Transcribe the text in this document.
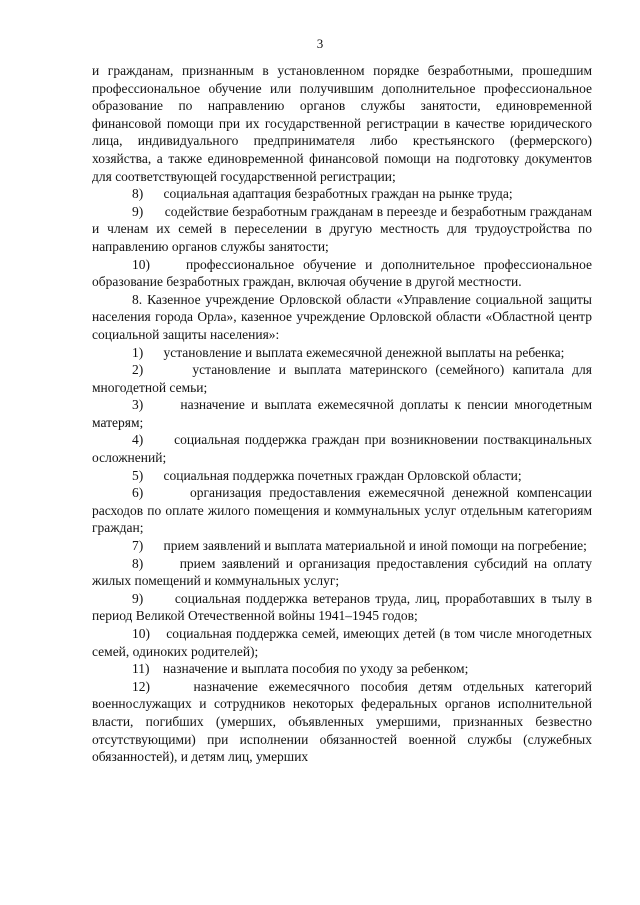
3

и гражданам, признанным в установленном порядке безработными, прошедшим профессиональное обучение или получившим дополнительное профессиональное образование по направлению органов службы занятости, единовременной финансовой помощи при их государственной регистрации в качестве юридического лица, индивидуального предпринимателя либо крестьянского (фермерского) хозяйства, а также единовременной финансовой помощи на подготовку документов для соответствующей государственной регистрации;

8)      социальная адаптация безработных граждан на рынке труда;

9)      содействие безработным гражданам в переезде и безработным гражданам и членам их семей в переселении в другую местность для трудоустройства по направлению органов службы занятости;

10)    профессиональное обучение и дополнительное профессиональное образование безработных граждан, включая обучение в другой местности.

8. Казенное учреждение Орловской области «Управление социальной защиты населения города Орла», казенное учреждение Орловской области «Областной центр социальной защиты населения»:

1)      установление и выплата ежемесячной денежной выплаты на ребенка;

2)      установление и выплата материнского (семейного) капитала для многодетной семьи;

3)      назначение и выплата ежемесячной доплаты к пенсии многодетным матерям;

4)      социальная поддержка граждан при возникновении поствакцинальных осложнений;

5)      социальная поддержка почетных граждан Орловской области;

6)      организация предоставления ежемесячной денежной компенсации расходов по оплате жилого помещения и коммунальных услуг отдельным категориям граждан;

7)      прием заявлений и выплата материальной и иной помощи на погребение;

8)      прием заявлений и организация предоставления субсидий на оплату жилых помещений и коммунальных услуг;

9)      социальная поддержка ветеранов труда, лиц, проработавших в тылу в период Великой Отечественной войны 1941–1945 годов;

10)    социальная поддержка семей, имеющих детей (в том числе многодетных семей, одиноких родителей);

11)    назначение и выплата пособия по уходу за ребенком;

12)    назначение ежемесячного пособия детям отдельных категорий военнослужащих и сотрудников некоторых федеральных органов исполнительной власти, погибших (умерших, объявленных умершими, признанных безвестно отсутствующими) при исполнении обязанностей военной службы (служебных обязанностей), и детям лиц, умерших
